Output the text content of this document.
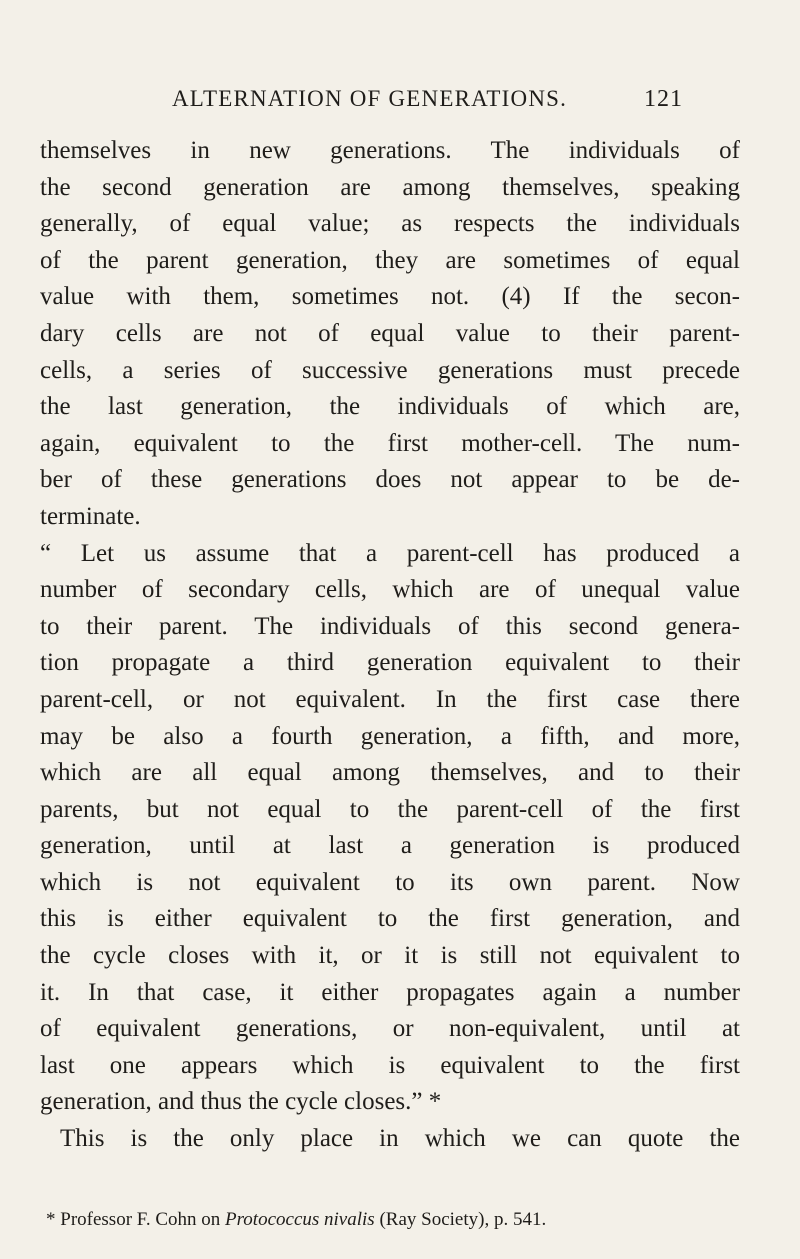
ALTERNATION OF GENERATIONS.	121
themselves in new generations. The individuals of
the second generation are among themselves, speaking
generally, of equal value; as respects the individuals
of the parent generation, they are sometimes of equal
value with them, sometimes not. (4) If the secon-
dary cells are not of equal value to their parent-
cells, a series of successive generations must precede
the last generation, the individuals of which are,
again, equivalent to the first mother-cell. The num-
ber of these generations does not appear to be de-
terminate.
“ Let us assume that a parent-cell has produced a
number of secondary cells, which are of unequal value
to their parent. The individuals of this second genera-
tion propagate a third generation equivalent to their
parent-cell, or not equivalent. In the first case there
may be also a fourth generation, a fifth, and more,
which are all equal among themselves, and to their
parents, but not equal to the parent-cell of the first
generation, until at last a generation is produced
which is not equivalent to its own parent. Now
this is either equivalent to the first generation, and
the cycle closes with it, or it is still not equivalent to
it. In that case, it either propagates again a number
of equivalent generations, or non-equivalent, until at
last one appears which is equivalent to the first
generation, and thus the cycle closes.” *
This is the only place in which we can quote the
* Professor F. Cohn on Protococcus nivalis (Ray Society), p. 541.
